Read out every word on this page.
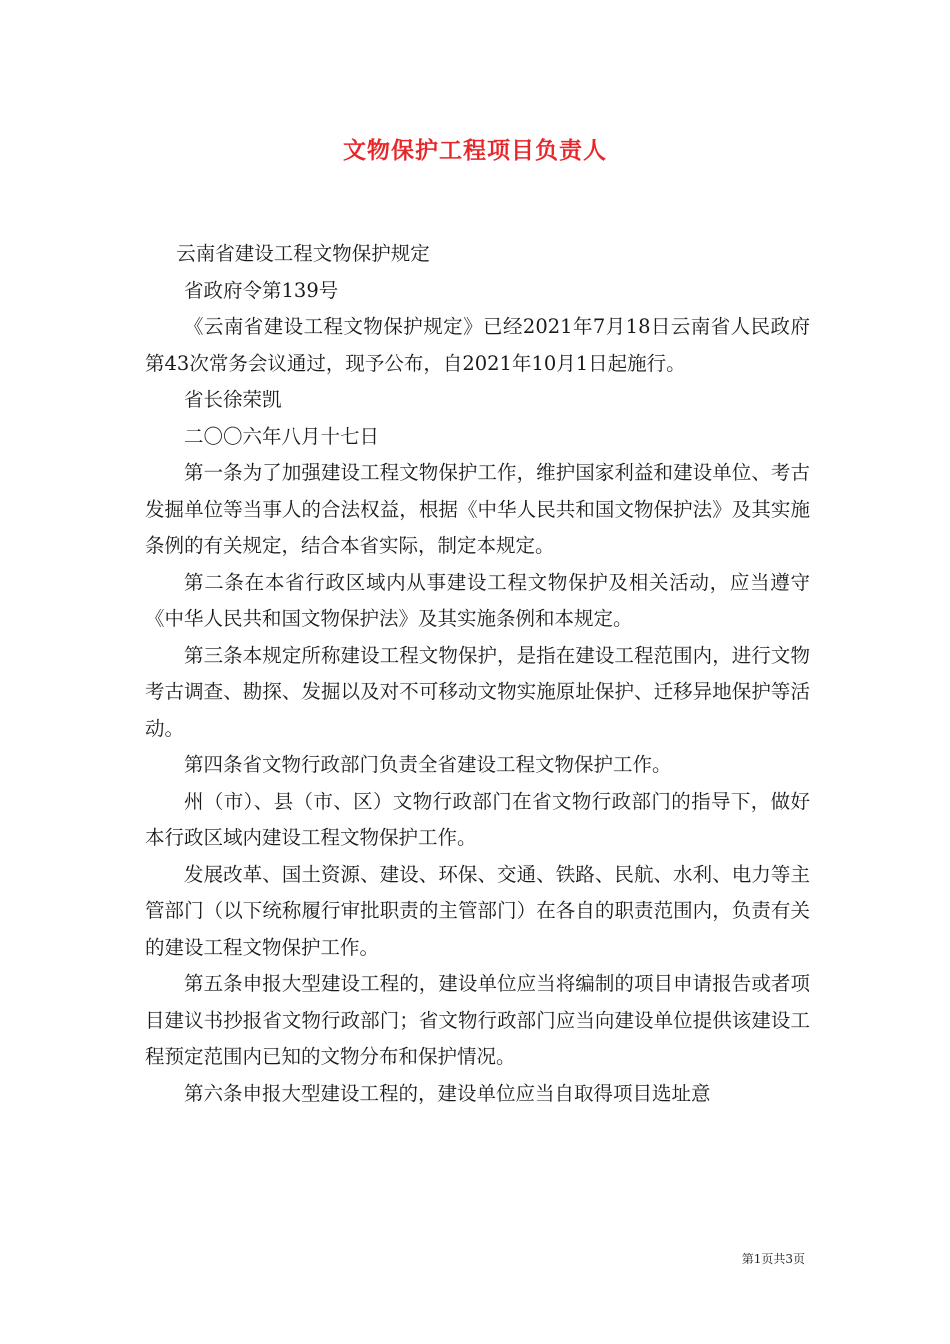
文物保护工程项目负责人

云南省建设工程文物保护规定

省政府令第139号

《云南省建设工程文物保护规定》已经2021年7月18日云南省人民政府第43次常务会议通过，现予公布，自2021年10月1日起施行。

省长徐荣凯

二〇〇六年八月十七日

第一条为了加强建设工程文物保护工作，维护国家利益和建设单位、考古发掘单位等当事人的合法权益，根据《中华人民共和国文物保护法》及其实施条例的有关规定，结合本省实际，制定本规定。

第二条在本省行政区域内从事建设工程文物保护及相关活动，应当遵守《中华人民共和国文物保护法》及其实施条例和本规定。

第三条本规定所称建设工程文物保护，是指在建设工程范围内，进行文物考古调查、勘探、发掘以及对不可移动文物实施原址保护、迁移异地保护等活动。

第四条省文物行政部门负责全省建设工程文物保护工作。

州（市）、县（市、区）文物行政部门在省文物行政部门的指导下，做好本行政区域内建设工程文物保护工作。

发展改革、国土资源、建设、环保、交通、铁路、民航、水利、电力等主管部门（以下统称履行审批职责的主管部门）在各自的职责范围内，负责有关的建设工程文物保护工作。

第五条申报大型建设工程的，建设单位应当将编制的项目申请报告或者项目建议书抄报省文物行政部门；省文物行政部门应当向建设单位提供该建设工程预定范围内已知的文物分布和保护情况。

第六条申报大型建设工程的，建设单位应当自取得项目选址意

第1页共3页
